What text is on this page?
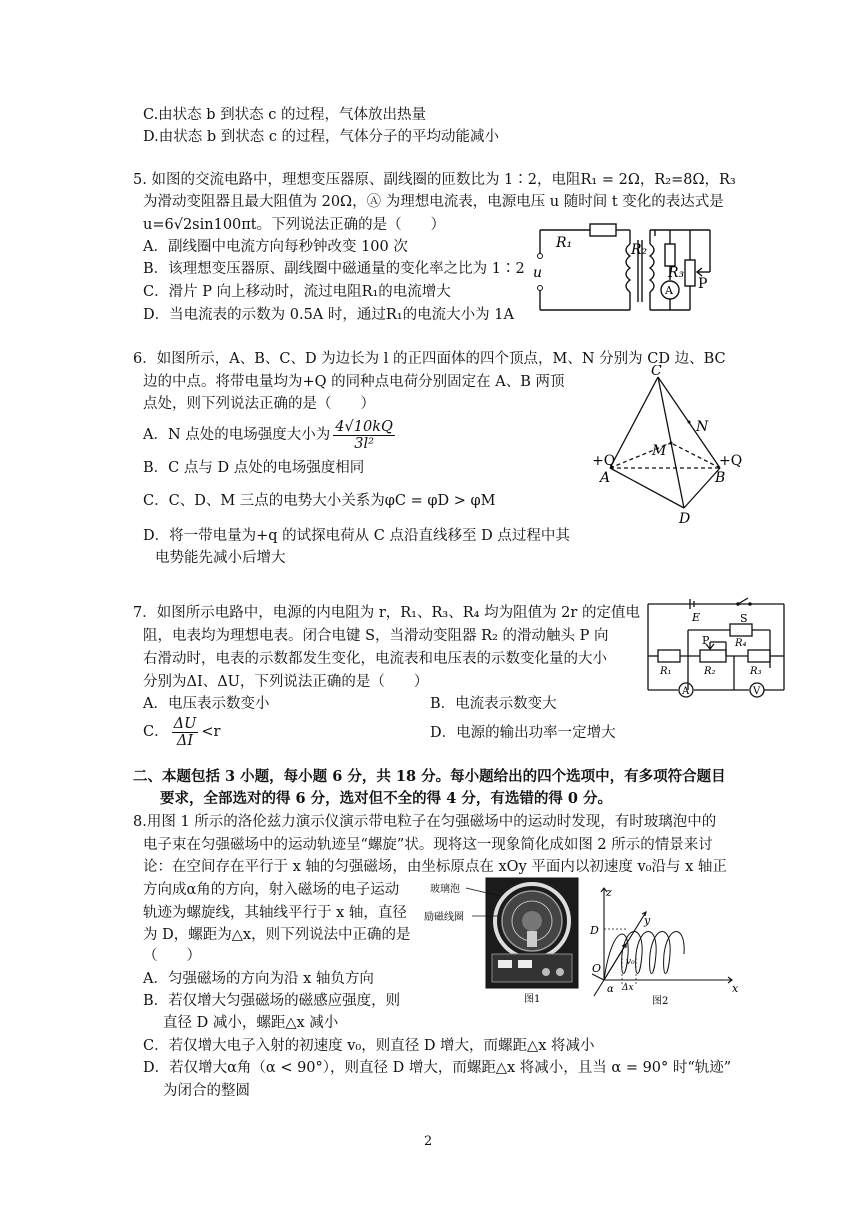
C.由状态 b 到状态 c 的过程，气体放出热量
D.由状态 b 到状态 c 的过程，气体分子的平均动能减小
5. 如图的交流电路中，理想变压器原、副线圈的匝数比为 1∶2，电阻R₁ = 2Ω，R₂=8Ω，R₃
为滑动变阻器且最大阻值为 20Ω，Ⓐ 为理想电流表，电源电压 u 随时间 t 变化的表达式是
u=6√2sin100πt。下列说法正确的是（　　）
A．副线圈中电流方向每秒钟改变 100 次
B．该理想变压器原、副线圈中磁通量的变化率之比为 1∶2
C．滑片 P 向上移动时，流过电阻R₁的电流增大
D．当电流表的示数为 0.5A 时，通过R₁的电流大小为 1A
R₁	R₂
R₃
u
P
A
6．如图所示，A、B、C、D 为边长为 l 的正四面体的四个顶点，M、N 分别为 CD 边、BC
边的中点。将带电量均为+Q 的同种点电荷分别固定在 A、B 两顶
点处，则下列说法正确的是（　　）
A．N 点处的电场强度大小为 $\frac{4√10kQ}{\text{3l²}}$
B．C 点与 D 点处的电场强度相同
C．C、D、M 三点的电势大小关系为φC = φD > φM
D．将一带电量为+q 的试探电荷从 C 点沿直线移至 D 点过程中其
电势能先减小后增大
C
N
M
+Q
A
+Q
B
D
7．如图所示电路中，电源的内电阻为 r，R₁、R₃、R₄ 均为阻值为 2r 的定值电
阻，电表均为理想电表。闭合电键 S，当滑动变阻器 R₂ 的滑动触头 P 向
右滑动时，电表的示数都发生变化，电流表和电压表的示数变化量的大小
分别为ΔI、ΔU，下列说法正确的是（　　）
A．电压表示数变小	B．电流表示数变大
C． $\frac{\Delta U}{\Delta I} <r$	D．电源的输出功率一定增大
E	S
R₄
P
R₁	R₂	R₃
A	V
二、本题包括 3 小题，每小题 6 分，共 18 分。每小题给出的四个选项中，有多项符合题目
要求，全部选对的得 6 分，选对但不全的得 4 分，有选错的得 0 分。
8.用图 1 所示的洛伦兹力演示仪演示带电粒子在匀强磁场中的运动时发现，有时玻璃泡中的
电子束在匀强磁场中的运动轨迹呈“螺旋”状。现将这一现象简化成如图 2 所示的情景来讨
论：在空间存在平行于 x 轴的匀强磁场，由坐标原点在 xOy 平面内以初速度 v₀沿与 x 轴正
方向成α角的方向，射入磁场的电子运动
轨迹为螺旋线，其轴线平行于 x 轴，直径
为 D，螺距为△x，则下列说法中正确的是
（　　）
A．匀强磁场的方向为沿 x 轴负方向
B．若仅增大匀强磁场的磁感应强度，则
直径 D 减小，螺距△x 减小
C．若仅增大电子入射的初速度 v₀，则直径 D 增大，而螺距△x 将减小
D．若仅增大α角（α < 90°），则直径 D 增大，而螺距△x 将减小，且当 α = 90° 时“轨迹”
为闭合的整圆
玻璃泡
励磁线圈
图1
z
y
x
D
O	v₀
α Δx
图2
2
